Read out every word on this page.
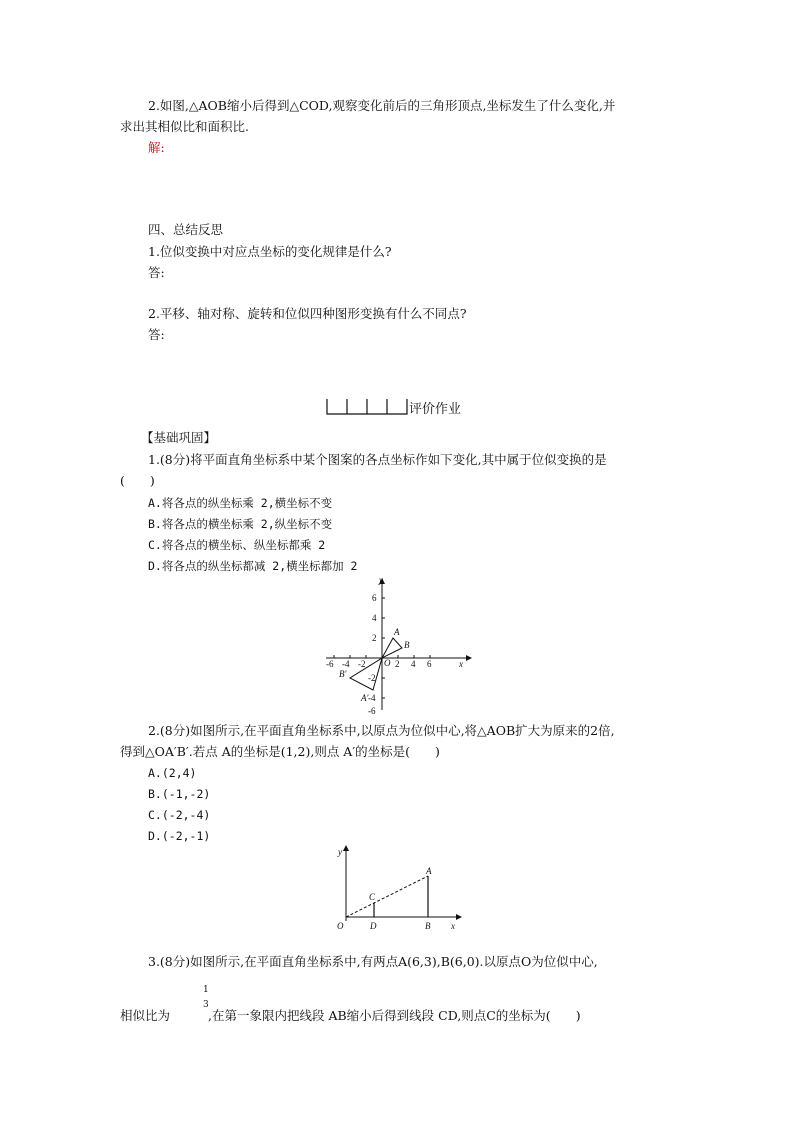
2.如图,△AOB缩小后得到△COD,观察变化前后的三角形顶点,坐标发生了什么变化,并
求出其相似比和面积比.
解:
四、总结反思
1.位似变换中对应点坐标的变化规律是什么?
答:
2.平移、轴对称、旋转和位似四种图形变换有什么不同点?
答:
评价作业
【基础巩固】
1.(8分)将平面直角坐标系中某个图案的各点坐标作如下变化,其中属于位似变换的是
(　　)
A.将各点的纵坐标乘 2,横坐标不变
B.将各点的横坐标乘 2,纵坐标不变
C.将各点的横坐标、纵坐标都乘 2
D.将各点的纵坐标都减 2,横坐标都加 2
-6 -4 -2	2 4 6	x
6
4
2
-2
-4
-6
y
O
A
B
B′
A′
2.(8分)如图所示,在平面直角坐标系中,以原点为位似中心,将△AOB扩大为原来的2倍,
得到△OA′B′.若点 A的坐标是(1,2),则点 A′的坐标是(　　)
A.(2,4)
B.(-1,-2)
C.(-2,-4)
D.(-2,-1)
y
x
O
C
D
A
B
3.(8分)如图所示,在平面直角坐标系中,有两点A(6,3),B(6,0).以原点O为位似中心,
相似比为
1
3
,在第一象限内把线段 AB缩小后得到线段 CD,则点C的坐标为(　　)
